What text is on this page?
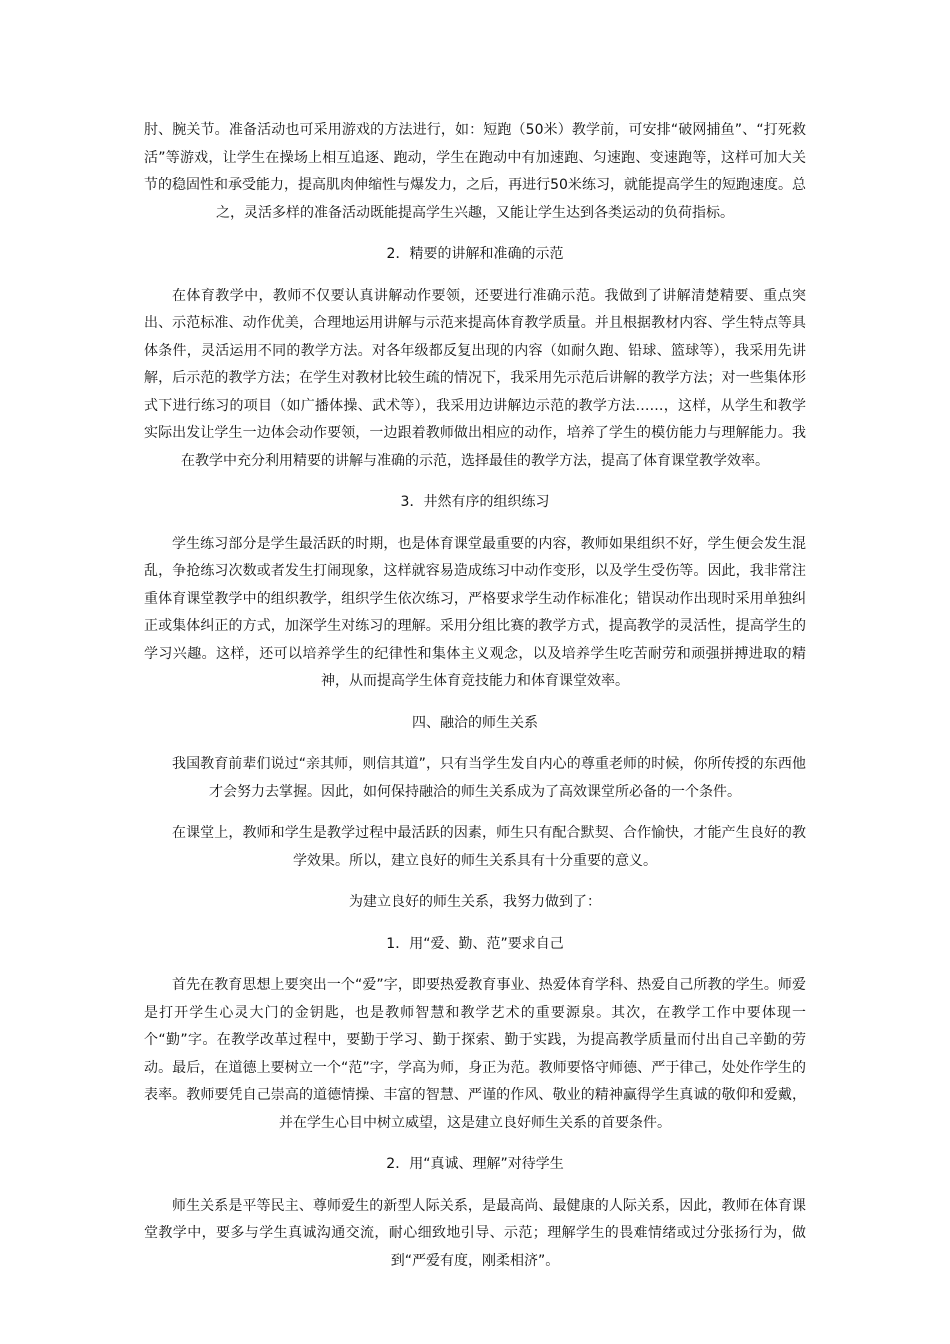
肘、腕关节。准备活动也可采用游戏的方法进行，如：短跑（50米）教学前，可安排“破网捕鱼”、“打死救活”等游戏，让学生在操场上相互追逐、跑动，学生在跑动中有加速跑、匀速跑、变速跑等，这样可加大关节的稳固性和承受能力，提高肌肉伸缩性与爆发力，之后，再进行50米练习，就能提高学生的短跑速度。总之，灵活多样的准备活动既能提高学生兴趣，又能让学生达到各类运动的负荷指标。

2．精要的讲解和准确的示范

在体育教学中，教师不仅要认真讲解动作要领，还要进行准确示范。我做到了讲解清楚精要、重点突出、示范标准、动作优美，合理地运用讲解与示范来提高体育教学质量。并且根据教材内容、学生特点等具体条件，灵活运用不同的教学方法。对各年级都反复出现的内容（如耐久跑、铅球、篮球等），我采用先讲解，后示范的教学方法；在学生对教材比较生疏的情况下，我采用先示范后讲解的教学方法；对一些集体形式下进行练习的项目（如广播体操、武术等），我采用边讲解边示范的教学方法……，这样，从学生和教学实际出发让学生一边体会动作要领，一边跟着教师做出相应的动作，培养了学生的模仿能力与理解能力。我在教学中充分利用精要的讲解与准确的示范，选择最佳的教学方法，提高了体育课堂教学效率。

3．井然有序的组织练习

学生练习部分是学生最活跃的时期，也是体育课堂最重要的内容，教师如果组织不好，学生便会发生混乱，争抢练习次数或者发生打闹现象，这样就容易造成练习中动作变形，以及学生受伤等。因此，我非常注重体育课堂教学中的组织教学，组织学生依次练习，严格要求学生动作标准化；错误动作出现时采用单独纠正或集体纠正的方式，加深学生对练习的理解。采用分组比赛的教学方式，提高教学的灵活性，提高学生的学习兴趣。这样，还可以培养学生的纪律性和集体主义观念，以及培养学生吃苦耐劳和顽强拼搏进取的精神，从而提高学生体育竞技能力和体育课堂效率。

四、融洽的师生关系

我国教育前辈们说过“亲其师，则信其道”，只有当学生发自内心的尊重老师的时候，你所传授的东西他才会努力去掌握。因此，如何保持融洽的师生关系成为了高效课堂所必备的一个条件。

在课堂上，教师和学生是教学过程中最活跃的因素，师生只有配合默契、合作愉快，才能产生良好的教学效果。所以，建立良好的师生关系具有十分重要的意义。

为建立良好的师生关系，我努力做到了：

1．用“爱、勤、范”要求自己

首先在教育思想上要突出一个“爱”字，即要热爱教育事业、热爱体育学科、热爱自己所教的学生。师爱是打开学生心灵大门的金钥匙，也是教师智慧和教学艺术的重要源泉。其次，在教学工作中要体现一个“勤”字。在教学改革过程中，要勤于学习、勤于探索、勤于实践，为提高教学质量而付出自己辛勤的劳动。最后，在道德上要树立一个“范”字，学高为师，身正为范。教师要恪守师德、严于律己，处处作学生的表率。教师要凭自己崇高的道德情操、丰富的智慧、严谨的作风、敬业的精神赢得学生真诚的敬仰和爱戴，并在学生心目中树立威望，这是建立良好师生关系的首要条件。

2．用“真诚、理解”对待学生

师生关系是平等民主、尊师爱生的新型人际关系，是最高尚、最健康的人际关系，因此，教师在体育课堂教学中，要多与学生真诚沟通交流，耐心细致地引导、示范；理解学生的畏难情绪或过分张扬行为，做到“严爱有度，刚柔相济”。
